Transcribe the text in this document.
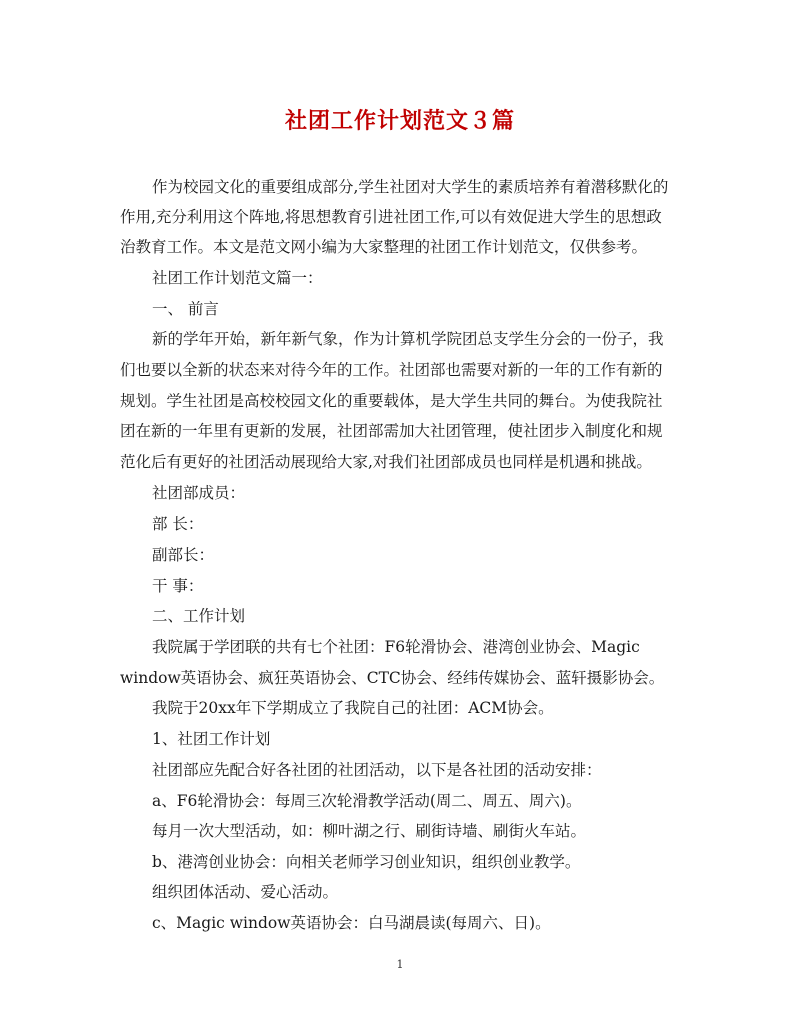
社团工作计划范文３篇
作为校园文化的重要组成部分,学生社团对大学生的素质培养有着潜移默化的
作用,充分利用这个阵地,将思想教育引进社团工作,可以有效促进大学生的思想政
治教育工作。本文是范文网小编为大家整理的社团工作计划范文，仅供参考。
社团工作计划范文篇一：
一、 前言
新的学年开始，新年新气象，作为计算机学院团总支学生分会的一份子，我
们也要以全新的状态来对待今年的工作。社团部也需要对新的一年的工作有新的
规划。学生社团是高校校园文化的重要载体，是大学生共同的舞台。为使我院社
团在新的一年里有更新的发展，社团部需加大社团管理，使社团步入制度化和规
范化后有更好的社团活动展现给大家,对我们社团部成员也同样是机遇和挑战。
社团部成员：
部 长：
副部长：
干 事：
二、工作计划
我院属于学团联的共有七个社团：F6轮滑协会、港湾创业协会、Magic
window英语协会、疯狂英语协会、CTC协会、经纬传媒协会、蓝轩摄影协会。
我院于20xx年下学期成立了我院自己的社团：ACM协会。
1、社团工作计划
社团部应先配合好各社团的社团活动，以下是各社团的活动安排：
a、F6轮滑协会：每周三次轮滑教学活动(周二、周五、周六)。
每月一次大型活动，如：柳叶湖之行、刷街诗墙、刷街火车站。
b、港湾创业协会：向相关老师学习创业知识，组织创业教学。
组织团体活动、爱心活动。
c、Magic window英语协会：白马湖晨读(每周六、日)。
1
